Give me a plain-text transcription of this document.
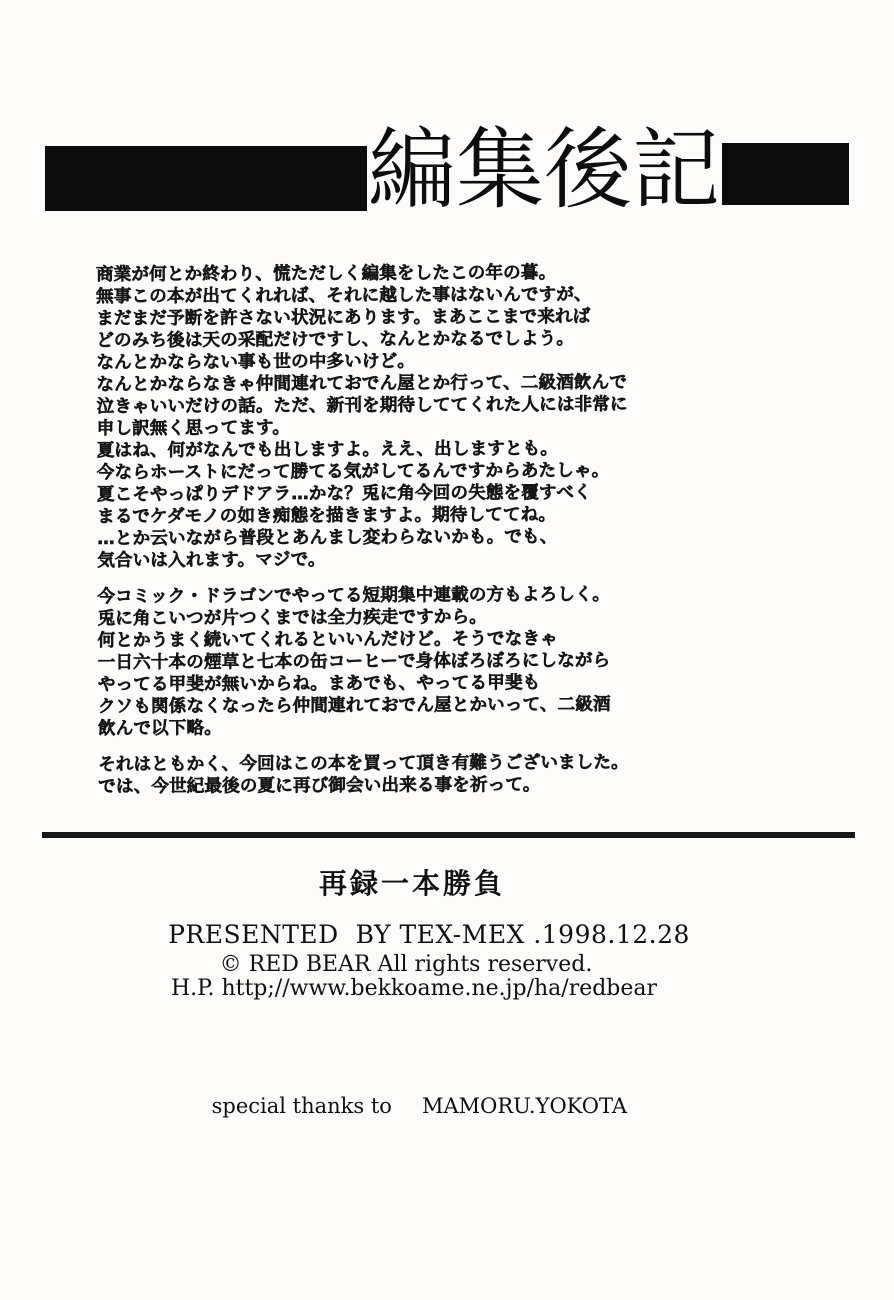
編集後記
商業が何とか終わり、慌ただしく編集をしたこの年の暮。
無事この本が出てくれれば、それに越した事はないんですが、
まだまだ予断を許さない状況にあります。まあここまで来れば
どのみち後は天の采配だけですし、なんとかなるでしよう。
なんとかならない事も世の中多いけど。
なんとかならなきゃ仲間連れておでん屋とか行って、二級酒飲んで
泣きゃいいだけの話。ただ、新刊を期待しててくれた人には非常に
申し訳無く思ってます。
夏はね、何がなんでも出しますよ。ええ、出しますとも。
今ならホーストにだって勝てる気がしてるんですからあたしゃ。
夏こそやっぱりデドアラ…かな？兎に角今回の失態を覆すべく
まるでケダモノの如き痴態を描きますよ。期待しててね。
…とか云いながら普段とあんまし変わらないかも。でも、
気合いは入れます。マジで。
今コミック・ドラゴンでやってる短期集中連載の方もよろしく。
兎に角こいつが片つくまでは全力疾走ですから。
何とかうまく続いてくれるといいんだけど。そうでなきゃ
一日六十本の煙草と七本の缶コーヒーで身体ぼろぼろにしながら
やってる甲斐が無いからね。まあでも、やってる甲斐も
クソも関係なくなったら仲間連れておでん屋とかいって、二級酒
飲んで以下略。
それはともかく、今回はこの本を買って頂き有難うございました。
では、今世紀最後の夏に再び御会い出来る事を祈って。
再録一本勝負
PRESENTED  BY TEX-MEX .1998.12.28
© RED BEAR All rights reserved.
H.P. http;//www.bekkoame.ne.jp/ha/redbear

special thanks to MAMORU.YOKOTA
